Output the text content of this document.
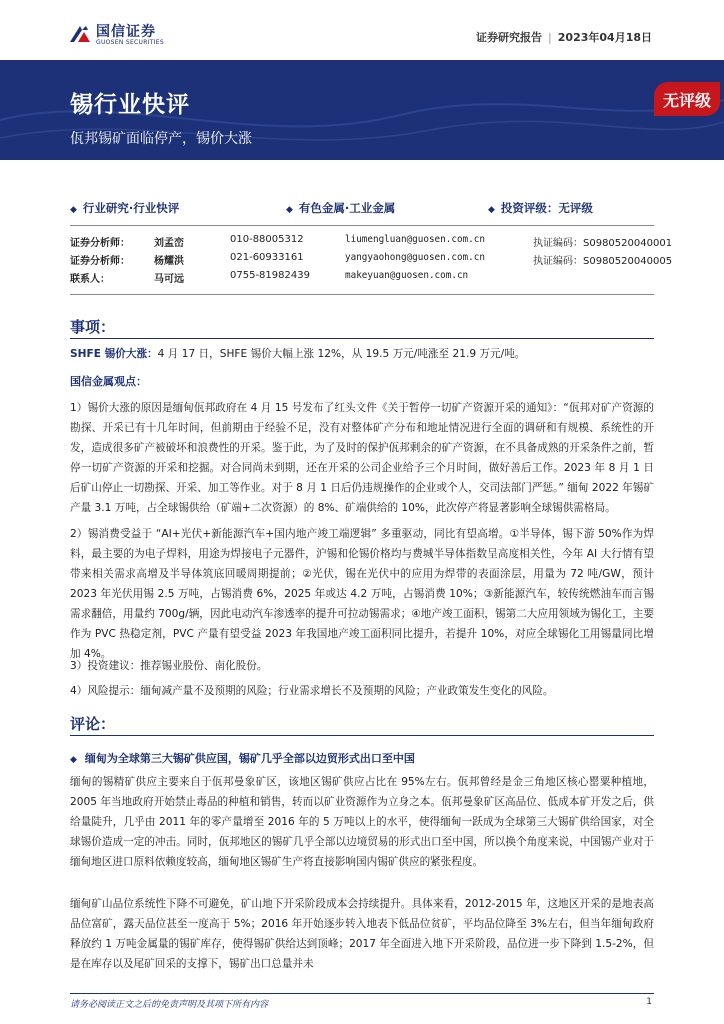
国信证券
GUOSEN SECURITIES	证券研究报告 | 2023年04月18日
锡行业快评
佤邦锡矿面临停产，锡价大涨
无评级
◆ 行业研究·行业快评	◆ 有色金属·工业金属	◆ 投资评级：无评级
证券分析师： 刘孟峦	010-88005312	liumengluan@guosen.com.cn	执证编码：S0980520040001
证券分析师： 杨耀洪	021-60933161	yangyaohong@guosen.com.cn	执证编码：S0980520040005
联系人：	马可远	0755-81982439	makeyuan@guosen.com.cn
事项：
SHFE 锡价大涨：4 月 17 日，SHFE 锡价大幅上涨 12%，从 19.5 万元/吨涨至 21.9 万元/吨。
国信金属观点：
1）锡价大涨的原因是缅甸佤邦政府在 4 月 15 号发布了红头文件《关于暂停一切矿产资源开采的通知》：“佤邦对矿产资源的勘探、开采已有十几年时间，但前期由于经验不足，没有对整体矿产分布和地址情况进行全面的调研和有规模、系统性的开发，造成很多矿产被破坏和浪费性的开采。鉴于此，为了及时的保护佤邦剩余的矿产资源，在不具备成熟的开采条件之前，暂停一切矿产资源的开采和挖掘。对合同尚未到期，还在开采的公司企业给予三个月时间，做好善后工作。2023 年 8 月 1 日后矿山停止一切勘探、开采、加工等作业。对于 8 月 1 日后仍违规操作的企业或个人，交司法部门严惩。” 缅甸 2022 年锡矿产量 3.1 万吨，占全球锡供给（矿端+二次资源）的 8%、矿端供给的 10%，此次停产将显著影响全球锡供需格局。
2）锡消费受益于 “AI+光伏+新能源汽车+国内地产竣工端逻辑” 多重驱动，同比有望高增。①半导体，锡下游 50%作为焊料，最主要的为电子焊料，用途为焊接电子元器件，沪锡和伦锡价格均与费城半导体指数呈高度相关性，今年 AI 大行情有望带来相关需求高增及半导体筑底回暖周期提前；②光伏，锡在光伏中的应用为焊带的表面涂层，用量为 72 吨/GW，预计 2023 年光伏用锡 2.5 万吨，占锡消费 6%，2025 年或达 4.2 万吨，占锡消费 10%；③新能源汽车，较传统燃油车而言锡需求翻倍，用量约 700g/辆，因此电动汽车渗透率的提升可拉动锡需求；④地产竣工面积，锡第二大应用领域为锡化工，主要作为 PVC 热稳定剂，PVC 产量有望受益 2023 年我国地产竣工面积同比提升，若提升 10%，对应全球锡化工用锡量同比增加 4%。
3）投资建议：推荐锡业股份、南化股份。
4）风险提示：缅甸减产量不及预期的风险；行业需求增长不及预期的风险；产业政策发生变化的风险。
评论：
◆ 缅甸为全球第三大锡矿供应国，锡矿几乎全部以边贸形式出口至中国
缅甸的锡精矿供应主要来自于佤邦曼象矿区，该地区锡矿供应占比在 95%左右。佤邦曾经是金三角地区核心罂粟种植地，2005 年当地政府开始禁止毒品的种植和销售，转而以矿业资源作为立身之本。佤邦曼象矿区高品位、低成本矿开发之后，供给量陡升，几乎由 2011 年的零产量增至 2016 年的 5 万吨以上的水平，使得缅甸一跃成为全球第三大锡矿供给国家，对全球锡价造成一定的冲击。同时，佤邦地区的锡矿几乎全部以边境贸易的形式出口至中国，所以换个角度来说，中国锡产业对于缅甸地区进口原料依赖度较高，缅甸地区锡矿生产将直接影响国内锡矿供应的紧张程度。
缅甸矿山品位系统性下降不可避免，矿山地下开采阶段成本会持续提升。具体来看，2012-2015 年，这地区开采的是地表高品位富矿，露天品位甚至一度高于 5%；2016 年开始逐步转入地表下低品位贫矿，平均品位降至 3%左右，但当年缅甸政府释放约 1 万吨金属量的锡矿库存，使得锡矿供给达到顶峰；2017 年全面进入地下开采阶段，品位进一步下降到 1.5-2%，但是在库存以及尾矿回采的支撑下，锡矿出口总量并未
请务必阅读正文之后的免责声明及其项下所有内容	1
